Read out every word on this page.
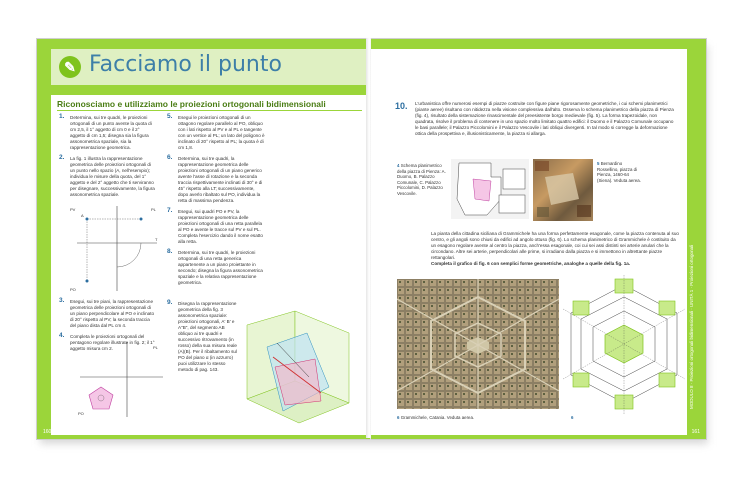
✎ Facciamo il punto
Riconosciamo e utilizziamo le proiezioni ortogonali bidimensionali
1. Determina, sui tre quadri, le proiezioni ortogonali di un punto avente la quota di cm 2,5, il 1° aggetto di cm 0 e il 2° aggetto di cm 1,5; disegna sia la figura assonometrica spaziale, sia la rappresentazione geometrica.
2. La fig. 1 illustra la rappresentazione geometrica delle proiezioni ortogonali di un punto nello spazio (A, nell'esempio); individua le misure della quota, del 1° aggetto e del 2° aggetto che ti serviranno per disegnare, successivamente, la figura assonometrica spaziale.
PV	PL
PO
T
A
3. Esegui, sui tre piani, la rappresentazione geometrica delle proiezioni ortogonali di un piano perpendicolare al PO e inclinato di 20° rispetto al PV; la seconda traccia del piano dista dal PL cm 4.
4. Completa le proiezioni ortogonali del pentagono regolare illustrate in fig. 2; il 1° aggetto misura cm 2.	PL
PO
5. Esegui le proiezioni ortogonali di un ottagono regolare parallelo al PO, obliquo con i lati rispetto al PV e al PL e tangente con un vertice al PL; un lato del poligono è inclinato di 20° rispetto al PL; la quota è di cm 1,8.
6. Determina, sui tre quadri, la rappresentazione geometrica delle proiezioni ortogonali di un piano generico avente l'asse di rotazione e la seconda traccia rispettivamente inclinati di 30° e di 45° rispetto alla LT; successivamente, dopo averlo ribaltato sul PO, individua la retta di massima pendenza.
7. Esegui, sui quadri PO e PV, la rappresentazione geometrica delle proiezioni ortogonali di una retta parallela al PO e avente le tracce sul PV e sul PL. Completa l'esercizio dando il nome esatto alla retta.
8. Determina, sui tre quadri, le proiezioni ortogonali di una retta generica appartenente a un piano proiettante in secondo; disegna la figura assonometrica spaziale e la relativa rappresentazione geometrica.
9. Disegna la rappresentazione geometrica della fig. 3 assonometrica spaziale: proiezioni ortogonali, A' B' e A"B", del segmento AB obliquo ai tre quadri e successivo ritrovamento (in rosso) della sua misura reale (A)(B). Per il ribaltamento sul PO del piano α (in azzurro) puoi utilizzare lo stesso metodo di pag. 143.
160
10. L'urbanistica offre numerosi esempi di piazze costruite con figure piane rigorosamente geometriche, i cui schemi planimetrici (piante aeree) risultano con nitidezza nella visione complessiva dall'alto. Osserva lo schema planimetrico della piazza di Pienza (fig. 4), risultato della sistemazione rinascimentale del preesistente borgo medievale (fig. 5). La forma trapezoidale, non quadrata, risolve il problema di contenere in uno spazio molto limitato quattro edifici: il Duomo e il Palazzo Comunale occupano le basi parallele; il Palazzo Piccolomini e il Palazzo Vescovile i lati obliqui divergenti. In tal modo si corregge la deformazione ottica della prospettiva e, illusionisticamente, la piazza si allarga.
4 Schema planimetrico della piazza di Pienza: A. Duomo, B. Palazzo Comunale, C. Palazzo Piccolomini, D. Palazzo Vescovile.
5 Bernardino Rossellino, piazza di Pienza, 1460-64 (Siena). Veduta aerea.
La pianta della cittadina siciliana di Grammichele ha una forma perfettamente esagonale, come la piazza contenuta al suo centro, e gli angoli sono chiusi da edifici ad angolo ottuso (fig. 6). Lo schema planimetrico di Grammichele è costituito da un esagono regolare avente al centro la piazza, anch'essa esagonale, coi cui sei assi distinti sei arterie anulari che la circondano. Altre sei arterie, perpendicolari alle prime, si irradiano dalla piazza e si immettono in altrettante piazze rettangolari.
Completa il grafico di fig. 6 con semplici forme geometriche, analoghe a quelle della fig. 1a.
6 Grammichele, Catania. Veduta aerea.	6
MODULO 8 · Proiezioni ortogonali bidimensionali · UNITÀ 1 · Proiezioni ortogonali
161
